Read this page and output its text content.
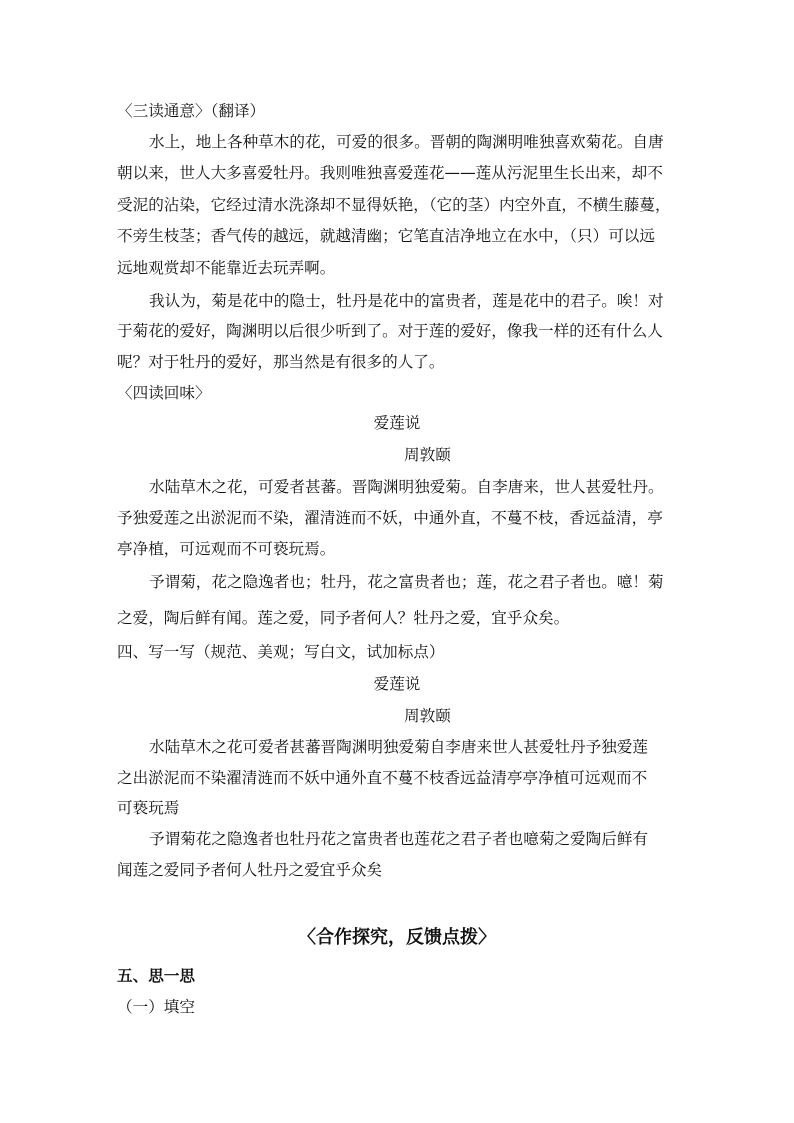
〈三读通意〉（翻译）
水上，地上各种草木的花，可爱的很多。晋朝的陶渊明唯独喜欢菊花。自唐
朝以来，世人大多喜爱牡丹。我则唯独喜爱莲花——莲从污泥里生长出来，却不
受泥的沾染，它经过清水洗涤却不显得妖艳，（它的茎）内空外直，不横生藤蔓，
不旁生枝茎；香气传的越远，就越清幽；它笔直洁净地立在水中，（只）可以远
远地观赏却不能靠近去玩弄啊。
我认为，菊是花中的隐士，牡丹是花中的富贵者，莲是花中的君子。唉！对
于菊花的爱好，陶渊明以后很少听到了。对于莲的爱好，像我一样的还有什么人
呢？对于牡丹的爱好，那当然是有很多的人了。
〈四读回味〉
爱莲说
周敦颐
水陆草木之花，可爱者甚蕃。晋陶渊明独爱菊。自李唐来，世人甚爱牡丹。
予独爱莲之出淤泥而不染，濯清涟而不妖，中通外直，不蔓不枝，香远益清，亭
亭净植，可远观而不可亵玩焉。
予谓菊，花之隐逸者也；牡丹，花之富贵者也；莲，花之君子者也。噫！菊
之爱，陶后鲜有闻。莲之爱，同予者何人？牡丹之爱，宜乎众矣。
四、写一写（规范、美观；写白文，试加标点）
爱莲说
周敦颐
水陆草木之花可爱者甚蕃晋陶渊明独爱菊自李唐来世人甚爱牡丹予独爱莲
之出淤泥而不染濯清涟而不妖中通外直不蔓不枝香远益清亭亭净植可远观而不
可亵玩焉
予谓菊花之隐逸者也牡丹花之富贵者也莲花之君子者也噫菊之爱陶后鲜有
闻莲之爱同予者何人牡丹之爱宜乎众矣
〈合作探究，反馈点拨〉
五、思一思
（一）填空
